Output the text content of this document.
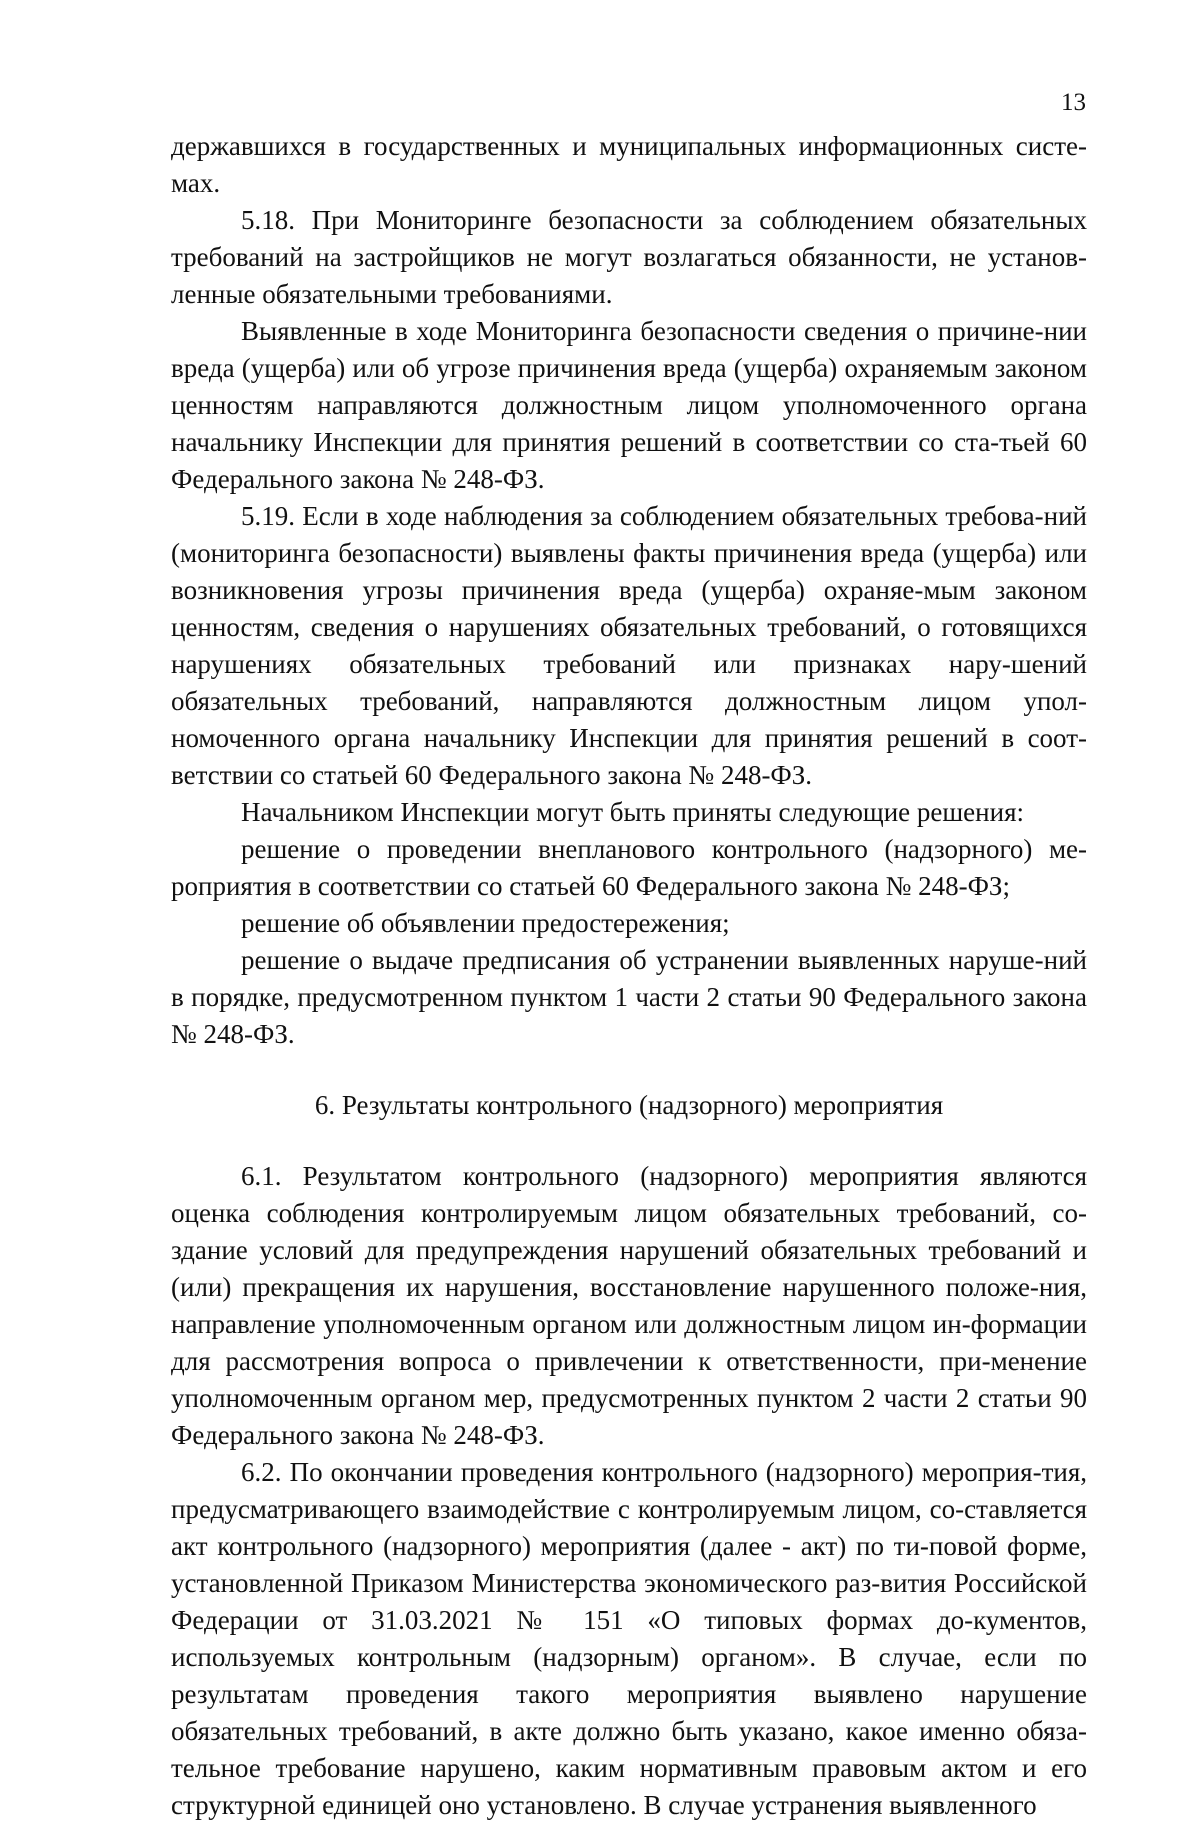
13

державшихся в государственных и муниципальных информационных систе-мах.

5.18. При Мониторинге безопасности за соблюдением обязательных требований на застройщиков не могут возлагаться обязанности, не установ-ленные обязательными требованиями.

Выявленные в ходе Мониторинга безопасности сведения о причине-нии вреда (ущерба) или об угрозе причинения вреда (ущерба) охраняемым законом ценностям направляются должностным лицом уполномоченного органа начальнику Инспекции для принятия решений в соответствии со ста-тьей 60 Федерального закона № 248-ФЗ.

5.19. Если в ходе наблюдения за соблюдением обязательных требова-ний (мониторинга безопасности) выявлены факты причинения вреда (ущерба) или возникновения угрозы причинения вреда (ущерба) охраняе-мым законом ценностям, сведения о нарушениях обязательных требований, о готовящихся нарушениях обязательных требований или признаках нару-шений обязательных требований, направляются должностным лицом упол-номоченного органа начальнику Инспекции для принятия решений в соот-ветствии со статьей 60 Федерального закона № 248-ФЗ.

Начальником Инспекции могут быть приняты следующие решения:

решение о проведении внепланового контрольного (надзорного) ме-роприятия в соответствии со статьей 60 Федерального закона № 248-ФЗ;

решение об объявлении предостережения;

решение о выдаче предписания об устранении выявленных наруше-ний в порядке, предусмотренном пунктом 1 части 2 статьи 90 Федерального закона № 248-ФЗ.

6. Результаты контрольного (надзорного) мероприятия

6.1. Результатом контрольного (надзорного) мероприятия являются оценка соблюдения контролируемым лицом обязательных требований, со-здание условий для предупреждения нарушений обязательных требований и (или) прекращения их нарушения, восстановление нарушенного положе-ния, направление уполномоченным органом или должностным лицом ин-формации для рассмотрения вопроса о привлечении к ответственности, при-менение уполномоченным органом мер, предусмотренных пунктом 2 части 2 статьи 90 Федерального закона № 248-ФЗ.

6.2. По окончании проведения контрольного (надзорного) мероприя-тия, предусматривающего взаимодействие с контролируемым лицом, со-ставляется акт контрольного (надзорного) мероприятия (далее - акт) по ти-повой форме, установленной Приказом Министерства экономического раз-вития Российской Федерации от 31.03.2021 № 151 «О типовых формах до-кументов, используемых контрольным (надзорным) органом». В случае, если по результатам проведения такого мероприятия выявлено нарушение обязательных требований, в акте должно быть указано, какое именно обяза-тельное требование нарушено, каким нормативным правовым актом и его структурной единицей оно установлено. В случае устранения выявленного
